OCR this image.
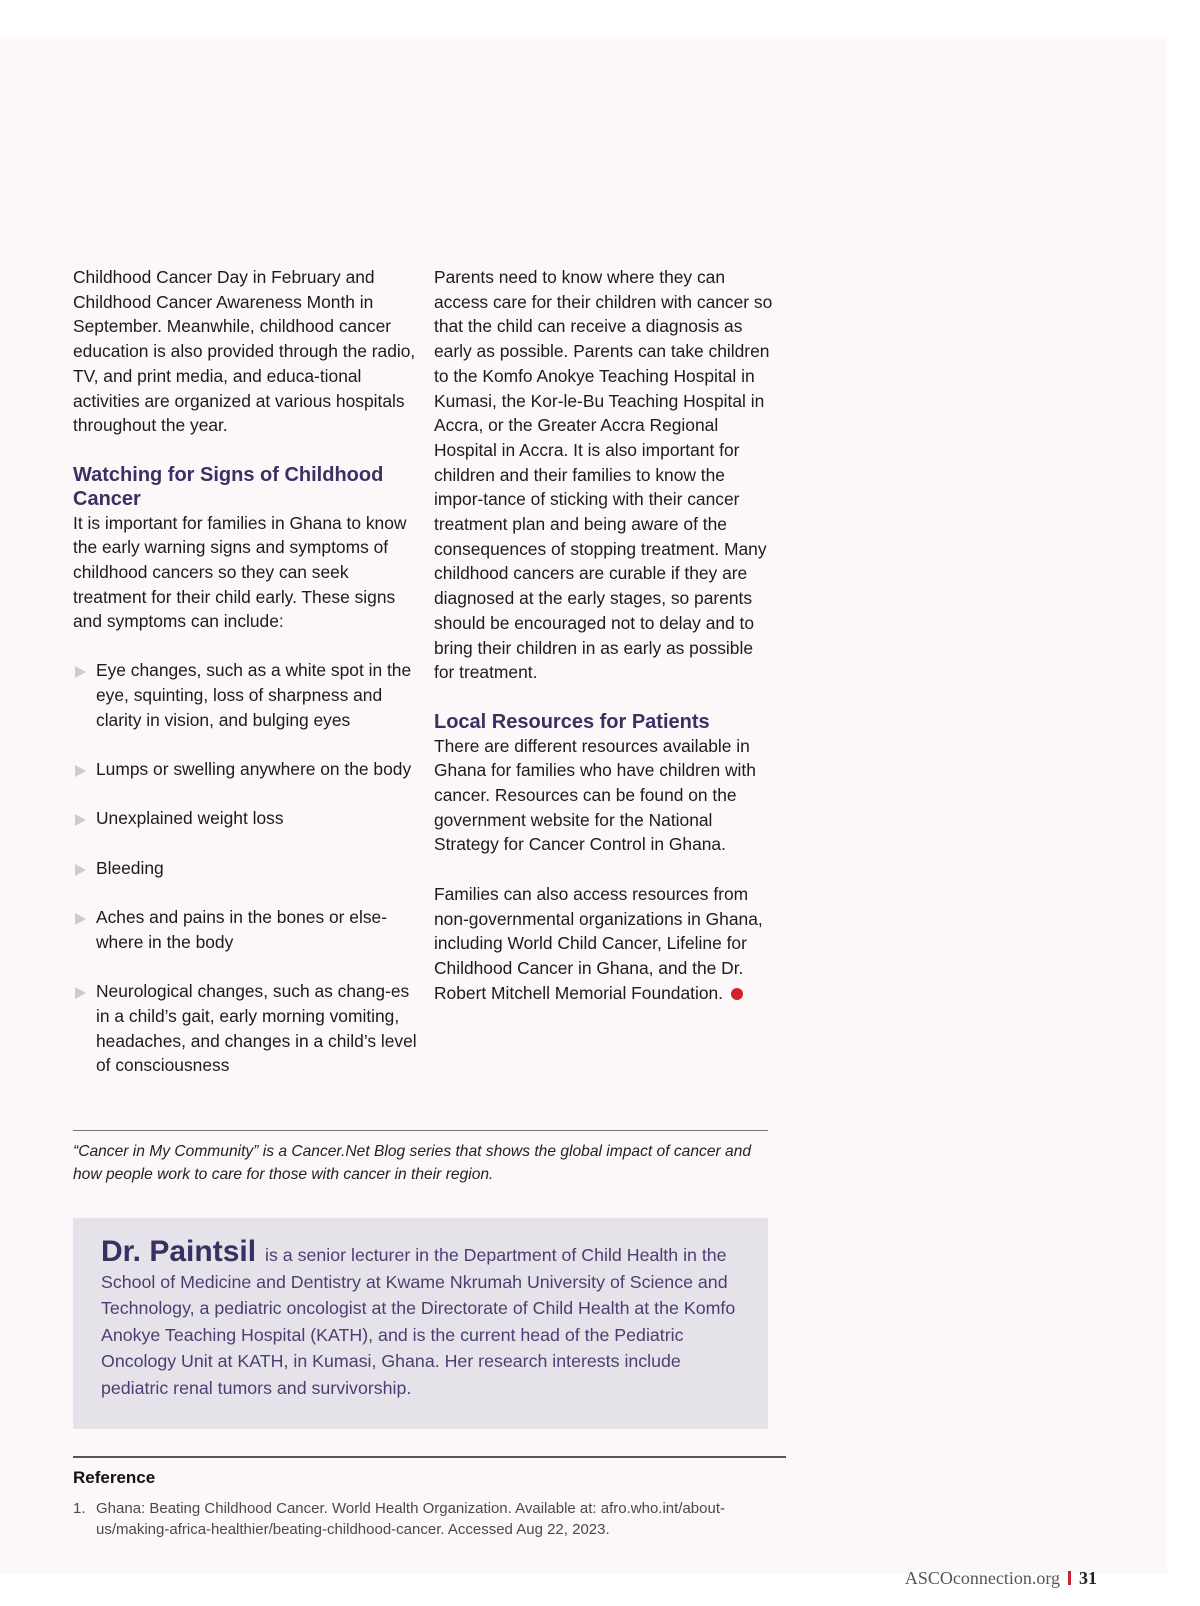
Childhood Cancer Day in February and Childhood Cancer Awareness Month in September. Meanwhile, childhood cancer education is also provided through the radio, TV, and print media, and educa-tional activities are organized at various hospitals throughout the year.

Watching for Signs of Childhood Cancer

It is important for families in Ghana to know the early warning signs and symptoms of childhood cancers so they can seek treatment for their child early. These signs and symptoms can include:

Eye changes, such as a white spot in the eye, squinting, loss of sharpness and clarity in vision, and bulging eyes
Lumps or swelling anywhere on the body
Unexplained weight loss
Bleeding
Aches and pains in the bones or else-where in the body
Neurological changes, such as chang-es in a child’s gait, early morning vomiting, headaches, and changes in a child’s level of consciousness

Parents need to know where they can access care for their children with cancer so that the child can receive a diagnosis as early as possible. Parents can take children to the Komfo Anokye Teaching Hospital in Kumasi, the Kor-le-Bu Teaching Hospital in Accra, or the Greater Accra Regional Hospital in Accra. It is also important for children and their families to know the impor-tance of sticking with their cancer treatment plan and being aware of the consequences of stopping treatment. Many childhood cancers are curable if they are diagnosed at the early stages, so parents should be encouraged not to delay and to bring their children in as early as possible for treatment.

Local Resources for Patients

There are different resources available in Ghana for families who have children with cancer. Resources can be found on the government website for the National Strategy for Cancer Control in Ghana.

Families can also access resources from non-governmental organizations in Ghana, including World Child Cancer, Lifeline for Childhood Cancer in Ghana, and the Dr. Robert Mitchell Memorial Foundation.

“Cancer in My Community” is a Cancer.Net Blog series that shows the global impact of cancer and how people work to care for those with cancer in their region.
Dr. Paintsil is a senior lecturer in the Department of Child Health in the School of Medicine and Dentistry at Kwame Nkrumah University of Science and Technology, a pediatric oncologist at the Directorate of Child Health at the Komfo Anokye Teaching Hospital (KATH), and is the current head of the Pediatric Oncology Unit at KATH, in Kumasi, Ghana. Her research interests include pediatric renal tumors and survivorship.
Reference
1. Ghana: Beating Childhood Cancer. World Health Organization. Available at: afro.who.int/about-us/making-africa-healthier/beating-childhood-cancer. Accessed Aug 22, 2023.
ASCOconnection.org 31
